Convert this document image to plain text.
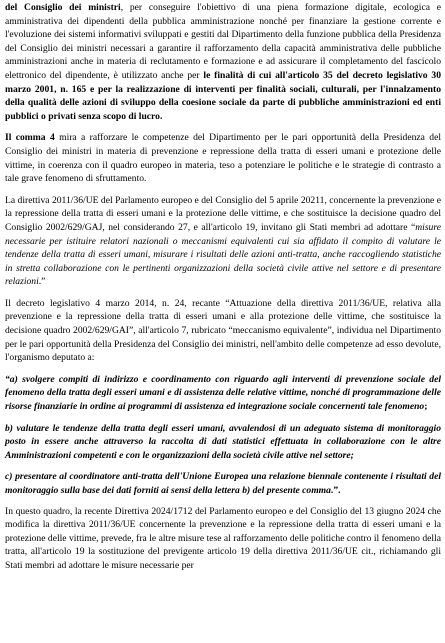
del Consiglio dei ministri, per conseguire l'obiettivo di una piena formazione digitale, ecologica e amministrativa dei dipendenti della pubblica amministrazione nonché per finanziare la gestione corrente e l'evoluzione dei sistemi informativi sviluppati e gestiti dal Dipartimento della funzione pubblica della Presidenza del Consiglio dei ministri necessari a garantire il rafforzamento della capacità amministrativa delle pubbliche amministrazioni anche in materia di reclutamento e formazione e ad assicurare il completamento del fascicolo elettronico del dipendente, è utilizzato anche per le finalità di cui all'articolo 35 del decreto legislativo 30 marzo 2001, n. 165 e per la realizzazione di interventi per finalità sociali, culturali, per l'innalzamento della qualità delle azioni di sviluppo della coesione sociale da parte di pubbliche amministrazioni ed enti pubblici o privati senza scopo di lucro.

Il comma 4 mira a rafforzare le competenze del Dipartimento per le pari opportunità della Presidenza del Consiglio dei ministri in materia di prevenzione e repressione della tratta di esseri umani e protezione delle vittime, in coerenza con il quadro europeo in materia, teso a potenziare le politiche e le strategie di contrasto a tale grave fenomeno di sfruttamento.

La direttiva 2011/36/UE del Parlamento europeo e del Consiglio del 5 aprile 20211, concernente la prevenzione e la repressione della tratta di esseri umani e la protezione delle vittime, e che sostituisce la decisione quadro del Consiglio 2002/629/GAJ, nel considerando 27, e all'articolo 19, invitano gli Stati membri ad adottare “misure necessarie per istituire relatori nazionali o meccanismi equivalenti cui sia affidato il compito di valutare le tendenze della tratta di esseri umani, misurare i risultati delle azioni anti-tratta, anche raccogliendo statistiche in stretta collaborazione con le pertinenti organizzazioni della società civile attive nel settore e di presentare relazioni.”

Il decreto legislativo 4 marzo 2014, n. 24, recante “Attuazione della direttiva 2011/36/UE, relativa alla prevenzione e la repressione della tratta di esseri umani e alla protezione delle vittime, che sostituisce la decisione quadro 2002/629/GAI”, all'articolo 7, rubricato “meccanismo equivalente”, individua nel Dipartimento per le pari opportunità della Presidenza del Consiglio dei ministri, nell'ambito delle competenze ad esso devolute, l'organismo deputato a:

“a) svolgere compiti di indirizzo e coordinamento con riguardo agli interventi di prevenzione sociale del fenomeno della tratta degli esseri umani e di assistenza delle relative vittime, nonché di programmazione delle risorse finanziarie in ordine ai programmi di assistenza ed integrazione sociale concernenti tale fenomeno;

b) valutare le tendenze della tratta degli esseri umani, avvalendosi di un adeguato sistema di monitoraggio posto in essere anche attraverso la raccolta di dati statistici effettuata in collaborazione con le altre Amministrazioni competenti e con le organizzazioni della società civile attive nel settore;

c) presentare al coordinatore anti-tratta dell'Unione Europea una relazione biennale contenente i risultati del monitoraggio sulla base dei dati forniti ai sensi della lettera b) del presente comma.”.

In questo quadro, la recente Direttiva 2024/1712 del Parlamento europeo e del Consiglio del 13 giugno 2024 che modifica la direttiva 2011/36/UE concernente la prevenzione e la repressione della tratta di esseri umani e la protezione delle vittime, prevede, fra le altre misure tese al rafforzamento delle politiche contro il fenomeno della tratta, all'articolo 19 la sostituzione del previgente articolo 19 della direttiva 2011/36/UE cit., richiamando gli Stati membri ad adottare le misure necessarie per
